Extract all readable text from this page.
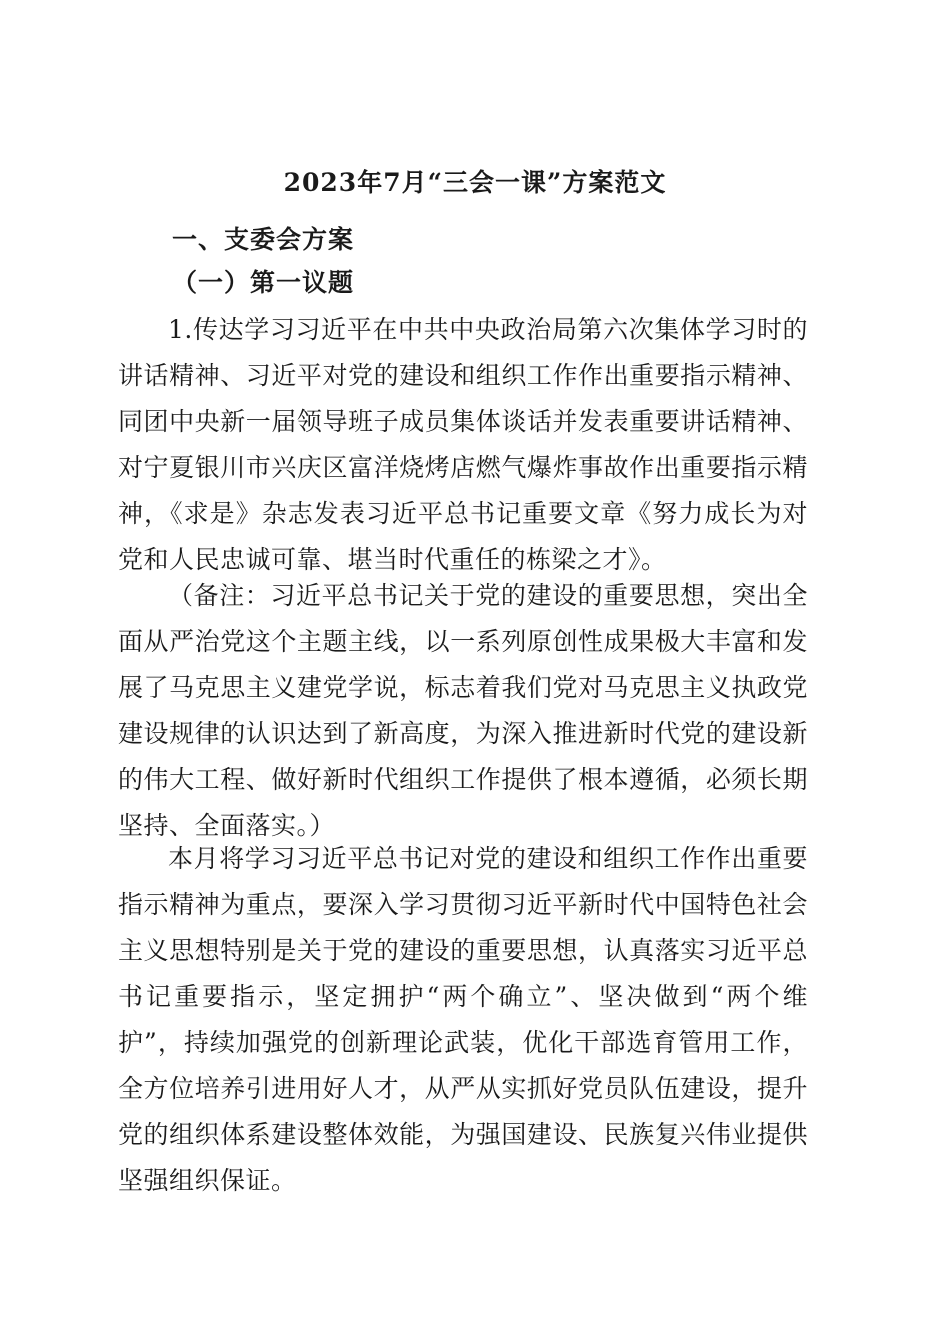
2023年7月“三会一课”方案范文
一、支委会方案
（一）第一议题

1.传达学习习近平在中共中央政治局第六次集体学习时的讲话精神、习近平对党的建设和组织工作作出重要指示精神、同团中央新一届领导班子成员集体谈话并发表重要讲话精神、对宁夏银川市兴庆区富洋烧烤店燃气爆炸事故作出重要指示精神，《求是》杂志发表习近平总书记重要文章《努力成长为对党和人民忠诚可靠、堪当时代重任的栋梁之才》。

（备注：习近平总书记关于党的建设的重要思想，突出全面从严治党这个主题主线，以一系列原创性成果极大丰富和发展了马克思主义建党学说，标志着我们党对马克思主义执政党建设规律的认识达到了新高度，为深入推进新时代党的建设新的伟大工程、做好新时代组织工作提供了根本遵循，必须长期坚持、全面落实。）

本月将学习习近平总书记对党的建设和组织工作作出重要指示精神为重点，要深入学习贯彻习近平新时代中国特色社会主义思想特别是关于党的建设的重要思想，认真落实习近平总书记重要指示，坚定拥护“两个确立”、坚决做到“两个维护”，持续加强党的创新理论武装，优化干部选育管用工作，全方位培养引进用好人才，从严从实抓好党员队伍建设，提升党的组织体系建设整体效能，为强国建设、民族复兴伟业提供坚强组织保证。
